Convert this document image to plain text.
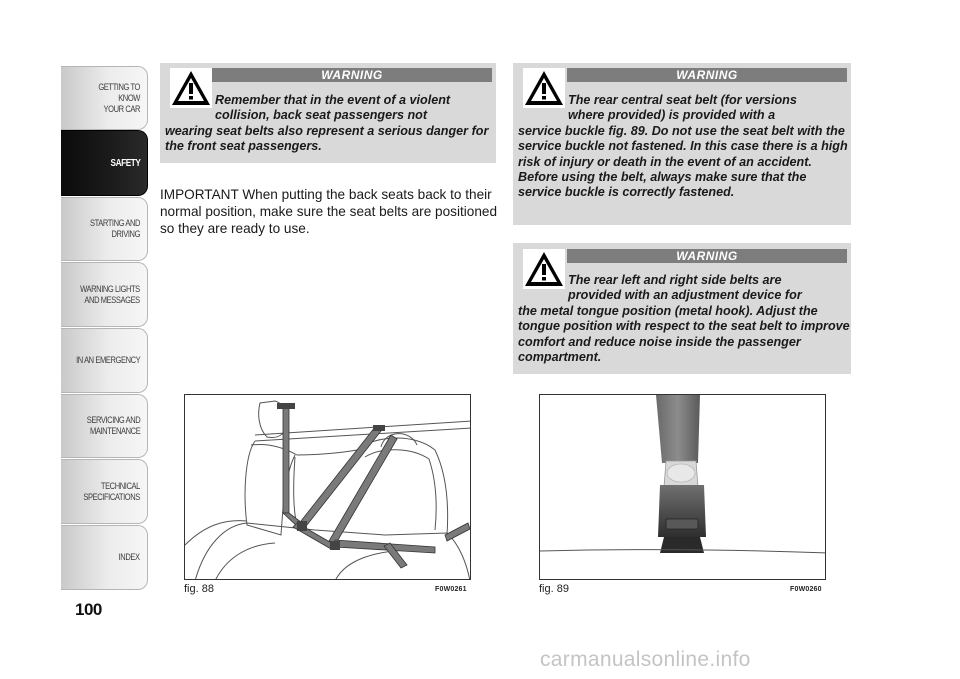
GETTING TO KNOW
YOUR CAR
SAFETY
STARTING AND
DRIVING
WARNING LIGHTS
AND MESSAGES
IN AN EMERGENCY
SERVICING AND
MAINTENANCE
TECHNICAL
SPECIFICATIONS
INDEX
100
WARNING
Remember that in the event of a violent
collision, back seat passengers not
wearing seat belts also represent a serious danger for the front seat passengers.
IMPORTANT When putting the back seats back to their normal position, make sure the seat belts are positioned so they are ready to use.
WARNING
The rear central seat belt (for versions
where provided) is provided with a
service buckle fig. 89. Do not use the seat belt with the service buckle not fastened. In this case there is a high risk of injury or death in the event of an accident. Before using the belt, always make sure that the service buckle is correctly fastened.
WARNING
The rear left and right side belts are
provided with an adjustment device for
the metal tongue position (metal hook). Adjust the tongue position with respect to the seat belt to improve comfort and reduce noise inside the passenger compartment.
fig. 88	F0W0261	fig. 89	F0W0260
carmanualsonline.info
